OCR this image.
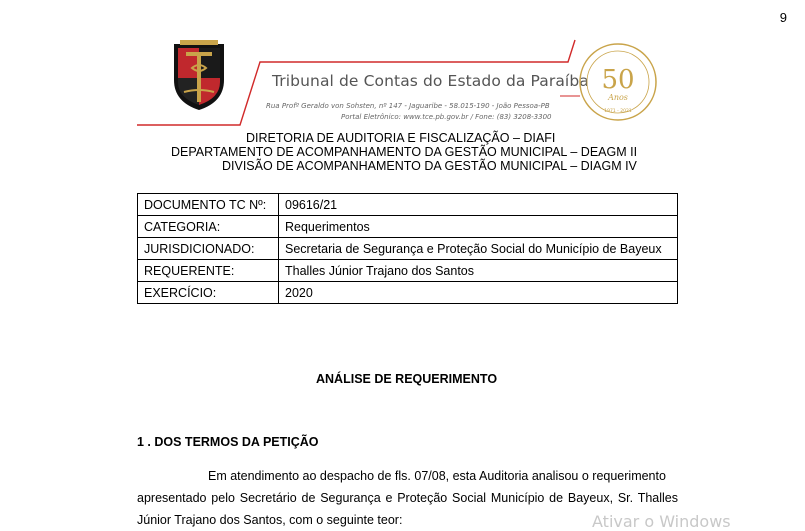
9
Tribunal de Contas do Estado da Paraíba
Rua Profº Geraldo von Sohsten, nº 147 - Jaguaribe - 58.015-190 - João Pessoa-PB
Portal Eletrônico: www.tce.pb.gov.br / Fone: (83) 3208-3300
50
Anos
1971 - 2021
DIRETORIA DE AUDITORIA E FISCALIZAÇÃO – DIAFI
DEPARTAMENTO DE ACOMPANHAMENTO DA GESTÃO MUNICIPAL – DEAGM II
DIVISÃO DE ACOMPANHAMENTO DA GESTÃO MUNICIPAL – DIAGM IV
DOCUMENTO TC Nº:	09616/21
CATEGORIA:	Requerimentos
JURISDICIONADO:	Secretaria de Segurança e Proteção Social do Município de Bayeux
REQUERENTE:	Thalles Júnior Trajano dos Santos
EXERCÍCIO:	2020
ANÁLISE DE REQUERIMENTO
1 . DOS TERMOS DA PETIÇÃO
Em atendimento ao despacho de fls. 07/08, esta Auditoria analisou o requerimento
apresentado pelo Secretário de Segurança e Proteção Social Município de Bayeux, Sr. Thalles
Júnior Trajano dos Santos, com o seguinte teor:	Ativar o Windows
